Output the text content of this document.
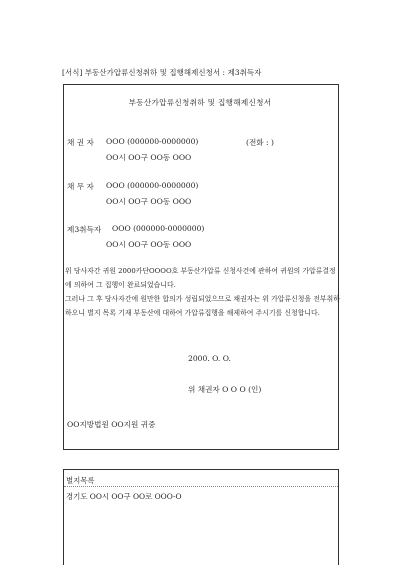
[서식] 부동산가압류신청취하 및 집행해제신청서 : 제3취득자
부동산가압류신청취하 및 집행해제신청서
채 권 자 OOO (000000-0000000)	(전화 : )
OO시 OO구 OO동 OOO
채 무 자 OOO (000000-0000000)
OO시 OO구 OO동 OOO
제3취득자 OOO (000000-0000000)
OO시 OO구 OO동 OOO

위 당사자간 귀원 2000카단OOOO호 부동산가압류 신청사건에 관하여 귀원의 가압류결정에 의하여 그 집행이 완료되었습니다.

그러나 그 후 당사자간에 원만한 합의가 성립되었으므로 채권자는 위 가압류신청을 전부취하하오니 별지 목록 기재 부동산에 대하여 가압류집행을 해제하여 주시기를 신청합니다.

2000. O. O.
위 채권자 O O O (인)
OO지방법원 OO지원 귀중
별지목록
경기도 OO시 OO구 OO로 OOO-O
